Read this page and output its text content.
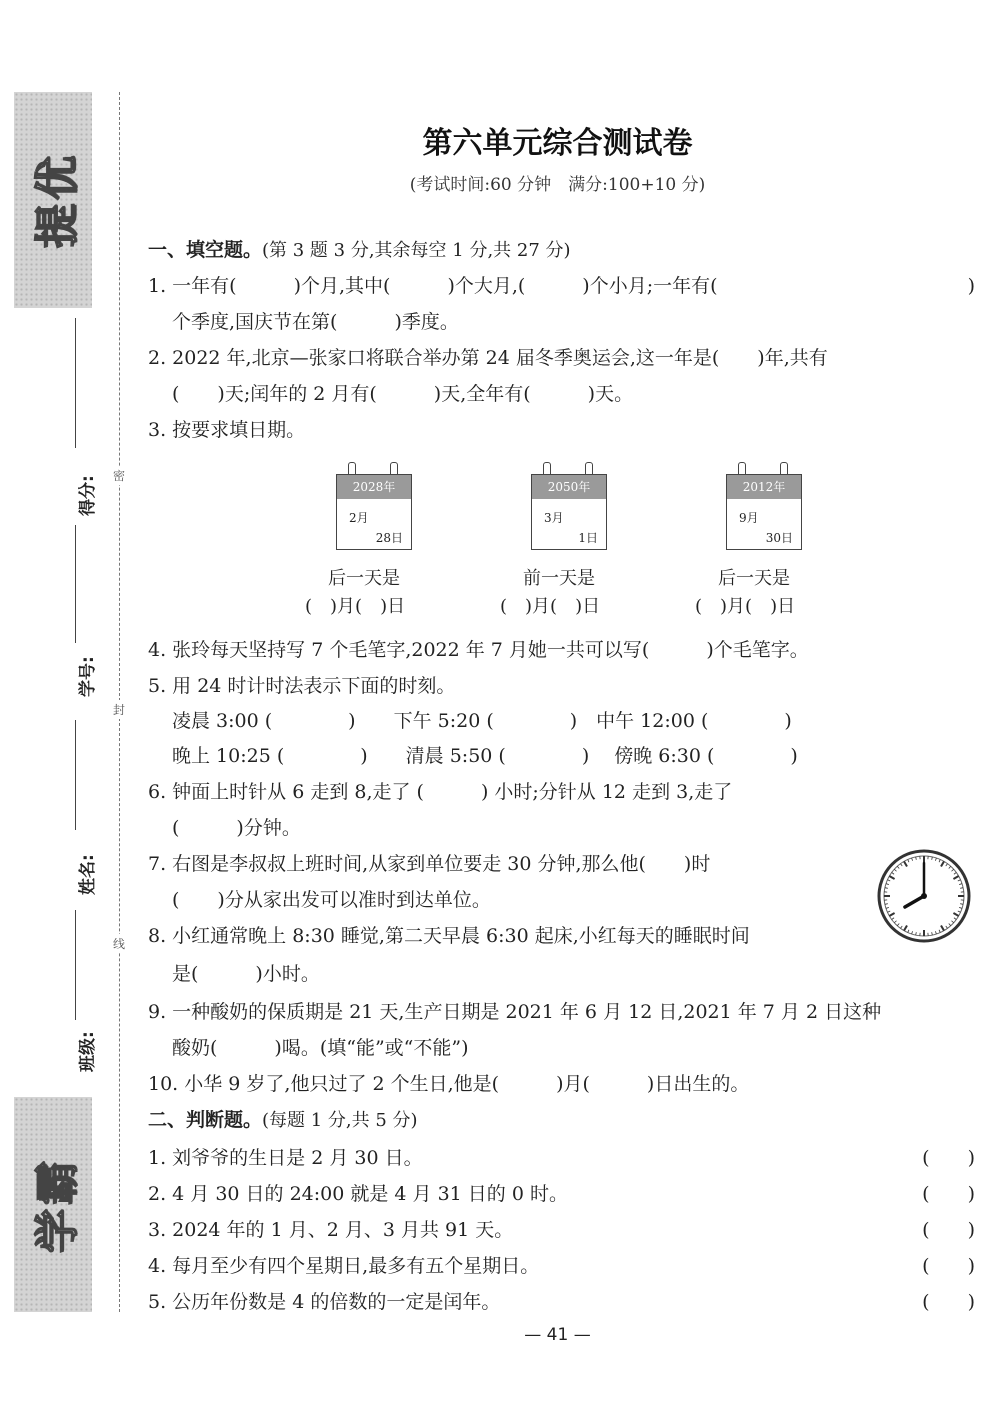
提优
学霸
得分:
学号:
姓名:
班级:
密
封
线
第六单元综合测试卷
(考试时间:60 分钟　满分:100+10 分)
一、填空题。(第 3 题 3 分,其余每空 1 分,共 27 分)
1. 一年有(　　　)个月,其中(　　　)个大月,(　　　)个小月;一年有(　　　	)
个季度,国庆节在第(　　　)季度。
2. 2022 年,北京—张家口将联合举办第 24 届冬季奥运会,这一年是(　　)年,共有
(　　)天;闰年的 2 月有(　　　)天,全年有(　　　)天。
3. 按要求填日期。
2028年
2月
28日
2050年
3月
1日
2012年
9月
30日
后一天是	前一天是	后一天是
(　)月(　)日	(　)月(　)日	(　)月(　)日
4. 张玲每天坚持写 7 个毛笔字,2022 年 7 月她一共可以写(　　　)个毛笔字。
5. 用 24 时计时法表示下面的时刻。
凌晨 3:00 (　　　　)　　下午 5:20 (　　　　)　中午 12:00 (　　　　)
晚上 10:25 (　　　　)　　清晨 5:50 (　　　　)　 傍晚 6:30 (　　　　)
6. 钟面上时针从 6 走到 8,走了 (　　　) 小时;分针从 12 走到 3,走了
(　　　)分钟。
7. 右图是李叔叔上班时间,从家到单位要走 30 分钟,那么他(　　)时
(　　)分从家出发可以准时到达单位。
8. 小红通常晚上 8:30 睡觉,第二天早晨 6:30 起床,小红每天的睡眠时间
是(　　　)小时。
9. 一种酸奶的保质期是 21 天,生产日期是 2021 年 6 月 12 日,2021 年 7 月 2 日这种
酸奶(　　　)喝。(填“能”或“不能”)
10. 小华 9 岁了,他只过了 2 个生日,他是(　　　)月(　　　)日出生的。
二、判断题。(每题 1 分,共 5 分)
1. 刘爷爷的生日是 2 月 30 日。	(　　)
2. 4 月 30 日的 24:00 就是 4 月 31 日的 0 时。	(　　)
3. 2024 年的 1 月、2 月、3 月共 91 天。	(　　)
4. 每月至少有四个星期日,最多有五个星期日。	(　　)
5. 公历年份数是 4 的倍数的一定是闰年。	(　　)
— 41 —
